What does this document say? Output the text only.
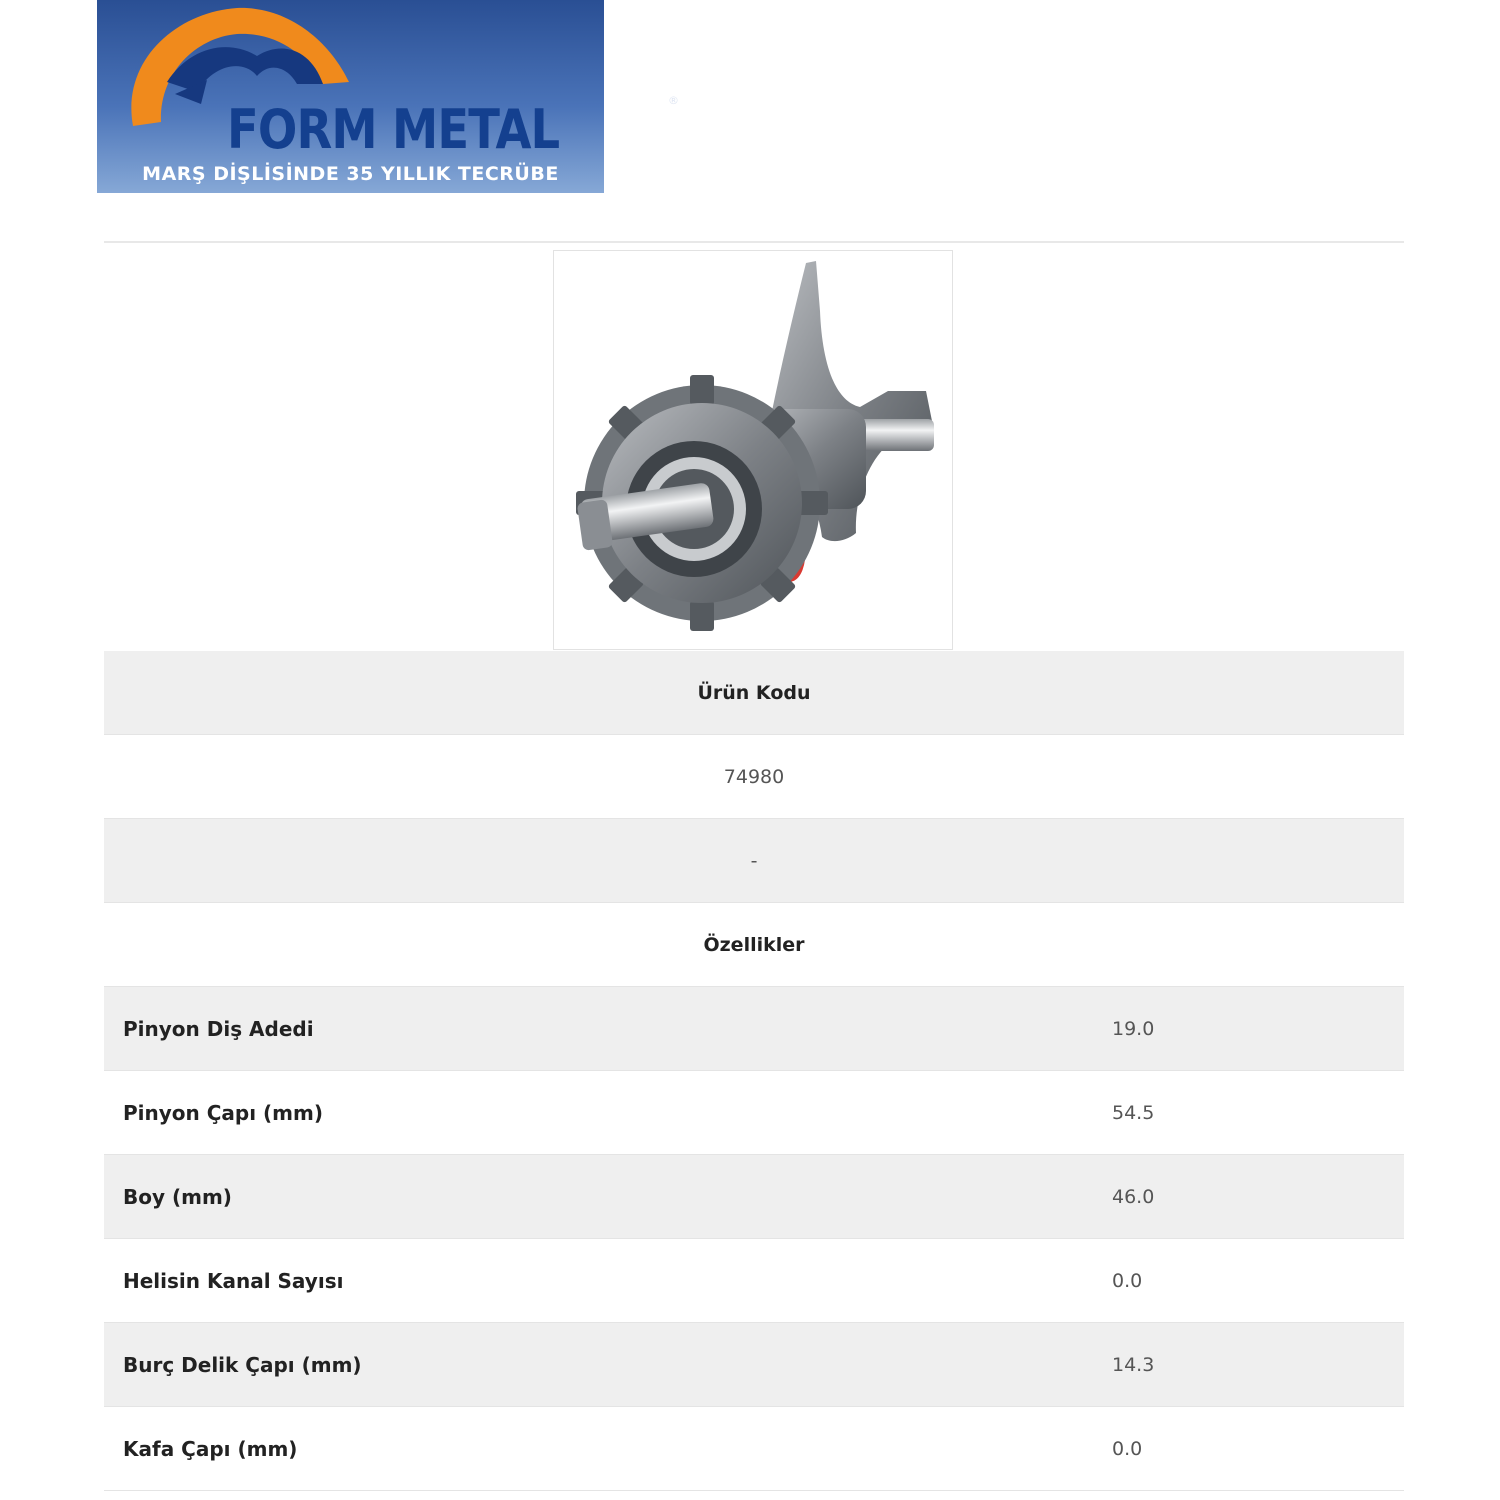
FORM METAL	®
MARŞ DİŞLİSİNDE 35 YILLIK TECRÜBE
Ürün Kodu
74980
-
Özellikler
Pinyon Diş Adedi	19.0
Pinyon Çapı (mm)	54.5
Boy (mm)	46.0
Helisin Kanal Sayısı	0.0
Burç Delik Çapı (mm)	14.3
Kafa Çapı (mm)	0.0
